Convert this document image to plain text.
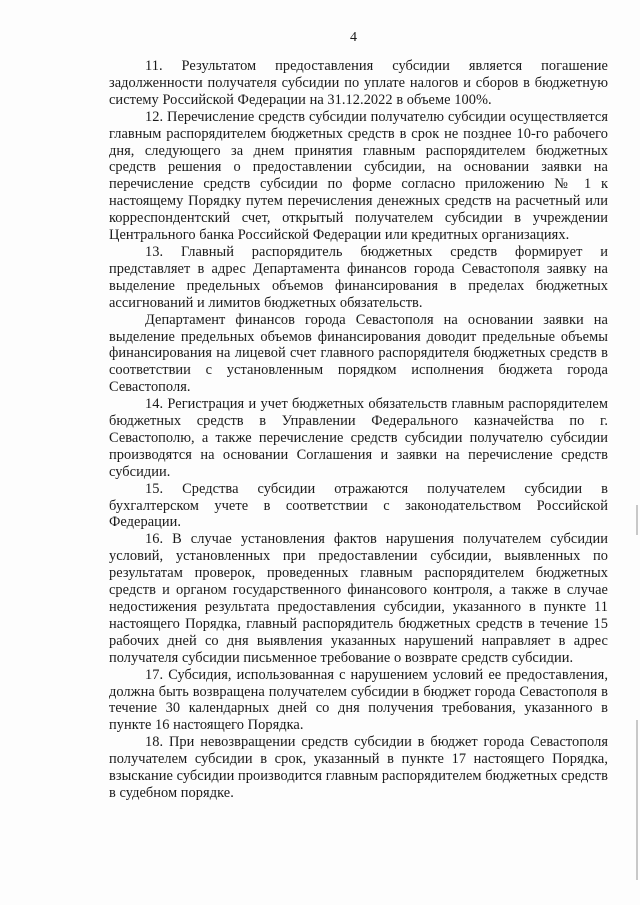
4

11. Результатом предоставления субсидии является погашение задолженности получателя субсидии по уплате налогов и сборов в бюджетную систему Российской Федерации на 31.12.2022 в объеме 100%.

12. Перечисление средств субсидии получателю субсидии осуществляется главным распорядителем бюджетных средств в срок не позднее 10-го рабочего дня, следующего за днем принятия главным распорядителем бюджетных средств решения о предоставлении субсидии, на основании заявки на перечисление средств субсидии по форме согласно приложению № 1 к настоящему Порядку путем перечисления денежных средств на расчетный или корреспондентский счет, открытый получателем субсидии в учреждении Центрального банка Российской Федерации или кредитных организациях.

13. Главный распорядитель бюджетных средств формирует и представляет в адрес Департамента финансов города Севастополя заявку на выделение предельных объемов финансирования в пределах бюджетных ассигнований и лимитов бюджетных обязательств.

Департамент финансов города Севастополя на основании заявки на выделение предельных объемов финансирования доводит предельные объемы финансирования на лицевой счет главного распорядителя бюджетных средств в соответствии с установленным порядком исполнения бюджета города Севастополя.

14. Регистрация и учет бюджетных обязательств главным распорядителем бюджетных средств в Управлении Федерального казначейства по г. Севастополю, а также перечисление средств субсидии получателю субсидии производятся на основании Соглашения и заявки на перечисление средств субсидии.

15. Средства субсидии отражаются получателем субсидии в бухгалтерском учете в соответствии с законодательством Российской Федерации.

16. В случае установления фактов нарушения получателем субсидии условий, установленных при предоставлении субсидии, выявленных по результатам проверок, проведенных главным распорядителем бюджетных средств и органом государственного финансового контроля, а также в случае недостижения результата предоставления субсидии, указанного в пункте 11 настоящего Порядка, главный распорядитель бюджетных средств в течение 15 рабочих дней со дня выявления указанных нарушений направляет в адрес получателя субсидии письменное требование о возврате средств субсидии.

17. Субсидия, использованная с нарушением условий ее предоставления, должна быть возвращена получателем субсидии в бюджет города Севастополя в течение 30 календарных дней со дня получения требования, указанного в пункте 16 настоящего Порядка.

18. При невозвращении средств субсидии в бюджет города Севастополя получателем субсидии в срок, указанный в пункте 17 настоящего Порядка, взыскание субсидии производится главным распорядителем бюджетных средств в судебном порядке.
